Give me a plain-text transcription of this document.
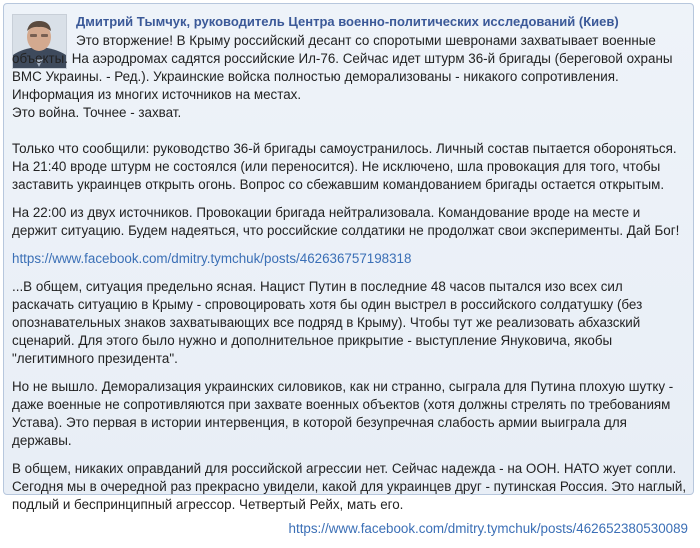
Дмитрий Тымчук, руководитель Центра военно-политических исследований (Киев)

Это вторжение! В Крыму российский десант со споротыми шевронами захватывает военные
объекты. На аэродромах садятся российские Ил-76. Сейчас идет штурм 36-й бригады (береговой охраны ВМС Украины. - Ред.). Украинские войска полностью деморализованы - никакого сопротивления. Информация из многих источников на местах.
Это война. Точнее - захват.

Только что сообщили: руководство 36-й бригады самоустранилось. Личный состав пытается обороняться. На 21:40 вроде штурм не состоялся (или переносится). Не исключено, шла провокация для того, чтобы заставить украинцев открыть огонь. Вопрос со сбежавшим командованием бригады остается открытым.

На 22:00 из двух источников. Провокации бригада нейтрализовала. Командование вроде на месте и держит ситуацию. Будем надеяться, что российские солдатики не продолжат свои эксперименты. Дай Бог!

https://www.facebook.com/dmitry.tymchuk/posts/462636757198318

...В общем, ситуация предельно ясная. Нацист Путин в последние 48 часов пытался изо всех сил раскачать ситуацию в Крыму - спровоцировать хотя бы один выстрел в российского солдатушку (без опознавательных знаков захватывающих все подряд в Крыму). Чтобы тут же реализовать абхазский сценарий. Для этого было нужно и дополнительное прикрытие - выступление Януковича, якобы "легитимного президента".

Но не вышло. Деморализация украинских силовиков, как ни странно, сыграла для Путина плохую шутку - даже военные не сопротивляются при захвате военных объектов (хотя должны стрелять по требованиям Устава). Это первая в истории интервенция, в которой безупречная слабость армии выиграла для державы.

В общем, никаких оправданий для российской агрессии нет. Сейчас надежда - на ООН. НАТО жует сопли. Сегодня мы в очередной раз прекрасно увидели, какой для украинцев друг - путинская Россия. Это наглый, подлый и беспринципный агрессор. Четвертый Рейх, мать его.

https://www.facebook.com/dmitry.tymchuk/posts/462652380530089
